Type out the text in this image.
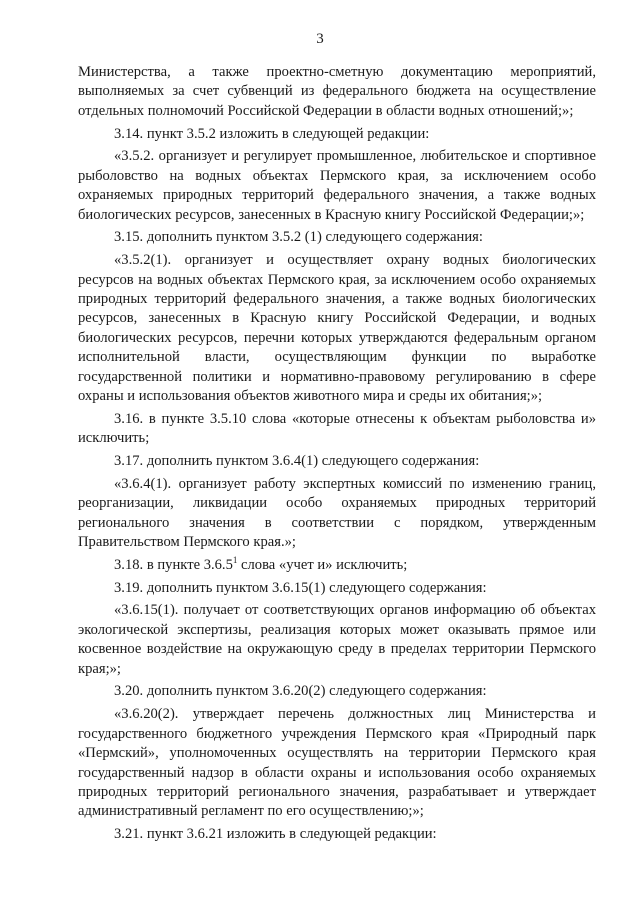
3

Министерства, а также проектно-сметную документацию мероприятий, выполняемых за счет субвенций из федерального бюджета на осуществление отдельных полномочий Российской Федерации в области водных отношений;»;

3.14. пункт 3.5.2 изложить в следующей редакции:

«3.5.2. организует и регулирует промышленное, любительское и спортивное рыболовство на водных объектах Пермского края, за исключением особо охраняемых природных территорий федерального значения, а также водных биологических ресурсов, занесенных в Красную книгу Российской Федерации;»;

3.15. дополнить пунктом 3.5.2 (1) следующего содержания:

«3.5.2(1). организует и осуществляет охрану водных биологических ресурсов на водных объектах Пермского края, за исключением особо охраняемых природных территорий федерального значения, а также водных биологических ресурсов, занесенных в Красную книгу Российской Федерации, и водных биологических ресурсов, перечни которых утверждаются федеральным органом исполнительной власти, осуществляющим функции по выработке государственной политики и нормативно-правовому регулированию в сфере охраны и использования объектов животного мира и среды их обитания;»;

3.16. в пункте 3.5.10 слова «которые отнесены к объектам рыболовства и» исключить;

3.17. дополнить пунктом 3.6.4(1) следующего содержания:

«3.6.4(1). организует работу экспертных комиссий по изменению границ, реорганизации, ликвидации особо охраняемых природных территорий регионального значения в соответствии с порядком, утвержденным Правительством Пермского края.»;

3.18. в пункте 3.6.5$^1$ слова «учет и» исключить;

3.19. дополнить пунктом 3.6.15(1) следующего содержания:

«3.6.15(1). получает от соответствующих органов информацию об объектах экологической экспертизы, реализация которых может оказывать прямое или косвенное воздействие на окружающую среду в пределах территории Пермского края;»;

3.20. дополнить пунктом 3.6.20(2) следующего содержания:

«3.6.20(2). утверждает перечень должностных лиц Министерства и государственного бюджетного учреждения Пермского края «Природный парк «Пермский», уполномоченных осуществлять на территории Пермского края государственный надзор в области охраны и использования особо охраняемых природных территорий регионального значения, разрабатывает и утверждает административный регламент по его осуществлению;»;

3.21. пункт 3.6.21 изложить в следующей редакции:
